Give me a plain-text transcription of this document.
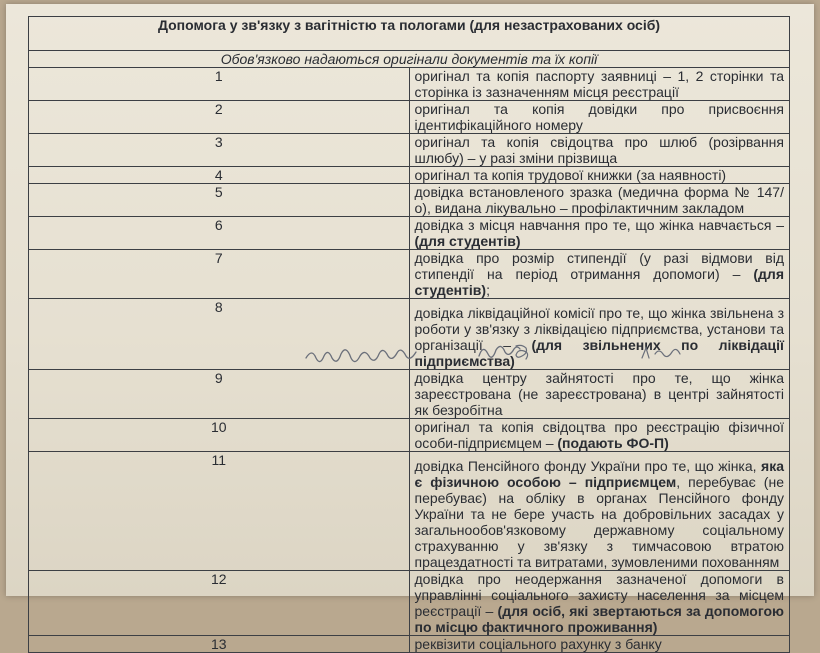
Допомога у зв'язку з вагітністю та пологами (для незастрахованих осіб)	
Обов'язково надаються оригінали документів та їх копії	
1	оригінал та копія паспорту заявниці – 1, 2 сторінки та сторінка із зазначенням місця реєстрації
2	оригінал та копія довідки про присвоєння ідентифікаційного номеру
3	оригінал та копія свідоцтва про шлюб (розірвання шлюбу) – у разі зміни прізвища
4	оригінал та копія трудової книжки (за наявності)
5	довідка встановленого зразка (медична форма № 147/о), видана лікувально – профілактичним закладом
6	довідка з місця навчання про те, що жінка навчається – (для студентів)
7	довідка про розмір стипендії (у разі відмови від стипендії на період отримання допомоги) – (для студентів);
8	довідка ліквідаційної комісії про те, що жінка звільнена з роботи у зв'язку з ліквідацією підприємства, установи та організації – (для звільнених по ліквідації підприємства)
9	довідка центру зайнятості про те, що жінка зареєстрована (не зареєстрована) в центрі зайнятості як безробітна
10	оригінал та копія свідоцтва про реєстрацію фізичної особи-підприємцем – (подають ФО-П)
11	довідка Пенсійного фонду України про те, що жінка, яка є фізичною особою – підприємцем, перебуває (не перебуває) на обліку в органах Пенсійного фонду України та не бере участь на добровільних засадах у загальнообов'язковому державному соціальному страхуванню у зв'язку з тимчасовою втратою працездатності та витратами, зумовленими похованням
12	довідка про неодержання зазначеної допомоги в управлінні соціального захисту населення за місцем реєстрації – (для осіб, які звертаються за допомогою по місцю фактичного проживання)
13	реквізити соціального рахунку з банку
